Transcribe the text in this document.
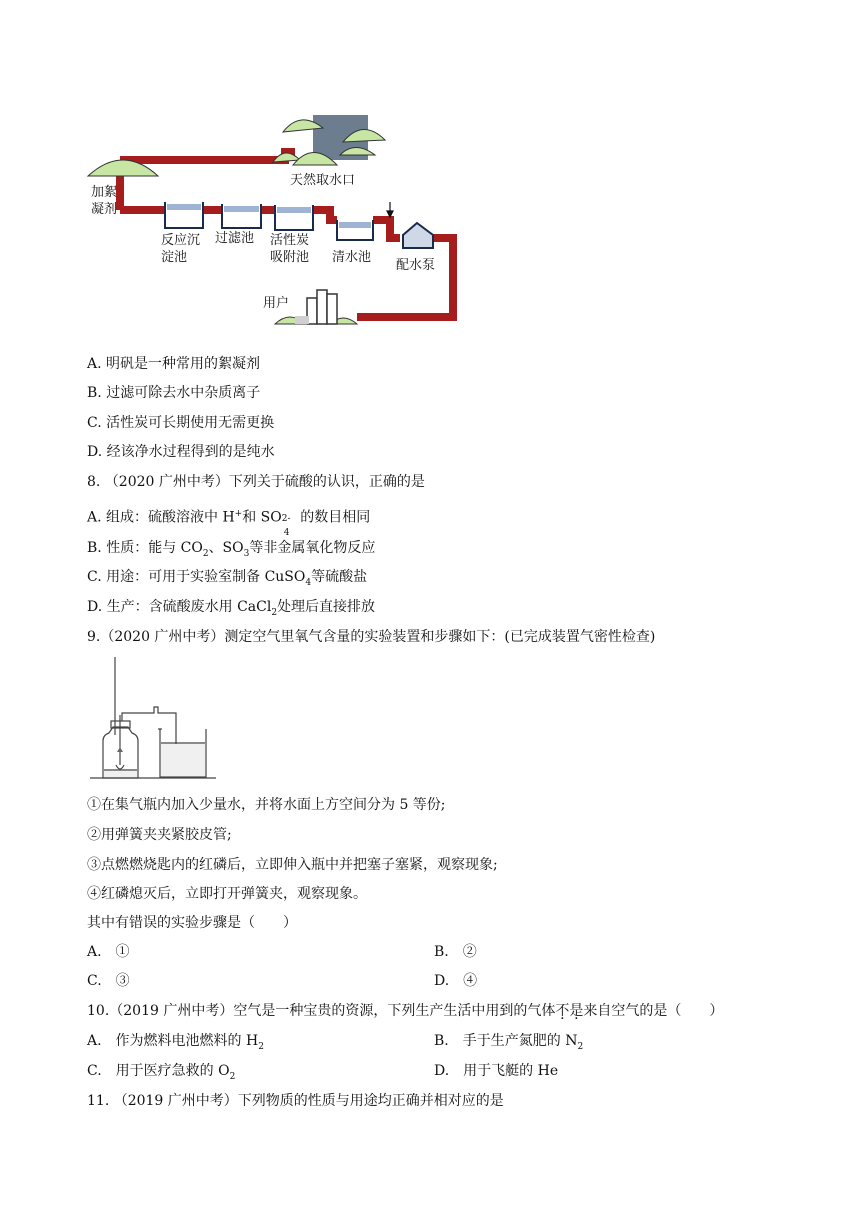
天然取水口
加絮
凝剂
反应沉
淀池
过滤池 活性炭
吸附池 清水池
配水泵
用户
A. 明矾是一种常用的絮凝剂
B. 过滤可除去水中杂质离子
C. 活性炭可长期使用无需更换
D. 经该净水过程得到的是纯水
8. （2020 广州中考）下列关于硫酸的认识，正确的是
A. 组成：硫酸溶液中 H+和 SO 2-
4
的数目相同
B. 性质：能与 $CO_2$、$SO_3$等非金属氧化物反应
C. 用途：可用于实验室制备 CuSO$_4$等硫酸盐
D. 生产：含硫酸废水用 CaCl$_2$处理后直接排放
9.（2020 广州中考）测定空气里氧气含量的实验装置和步骤如下：(已完成装置气密性检查)
①在集气瓶内加入少量水，并将水面上方空间分为 5 等份;
②用弹簧夹夹紧胶皮管;
③点燃燃烧匙内的红磷后，立即伸入瓶中并把塞子塞紧，观察现象;
④红磷熄灭后，立即打开弹簧夹，观察现象。
其中有错误的实验步骤是（　　）
A.　①	B.　②
C.　③	D.　④
10.（2019 广州中考）空气是一种宝贵的资源，下列生产生活中用到的气体不是来自空气的是（　　）
A.　作为燃料电池燃料的 $H_2$	B.　手于生产氮肥的 $N_2$
C.　用于医疗急救的 $O_2$	D.　用于飞艇的 He
11. （2019 广州中考）下列物质的性质与用途均正确并相对应的是
